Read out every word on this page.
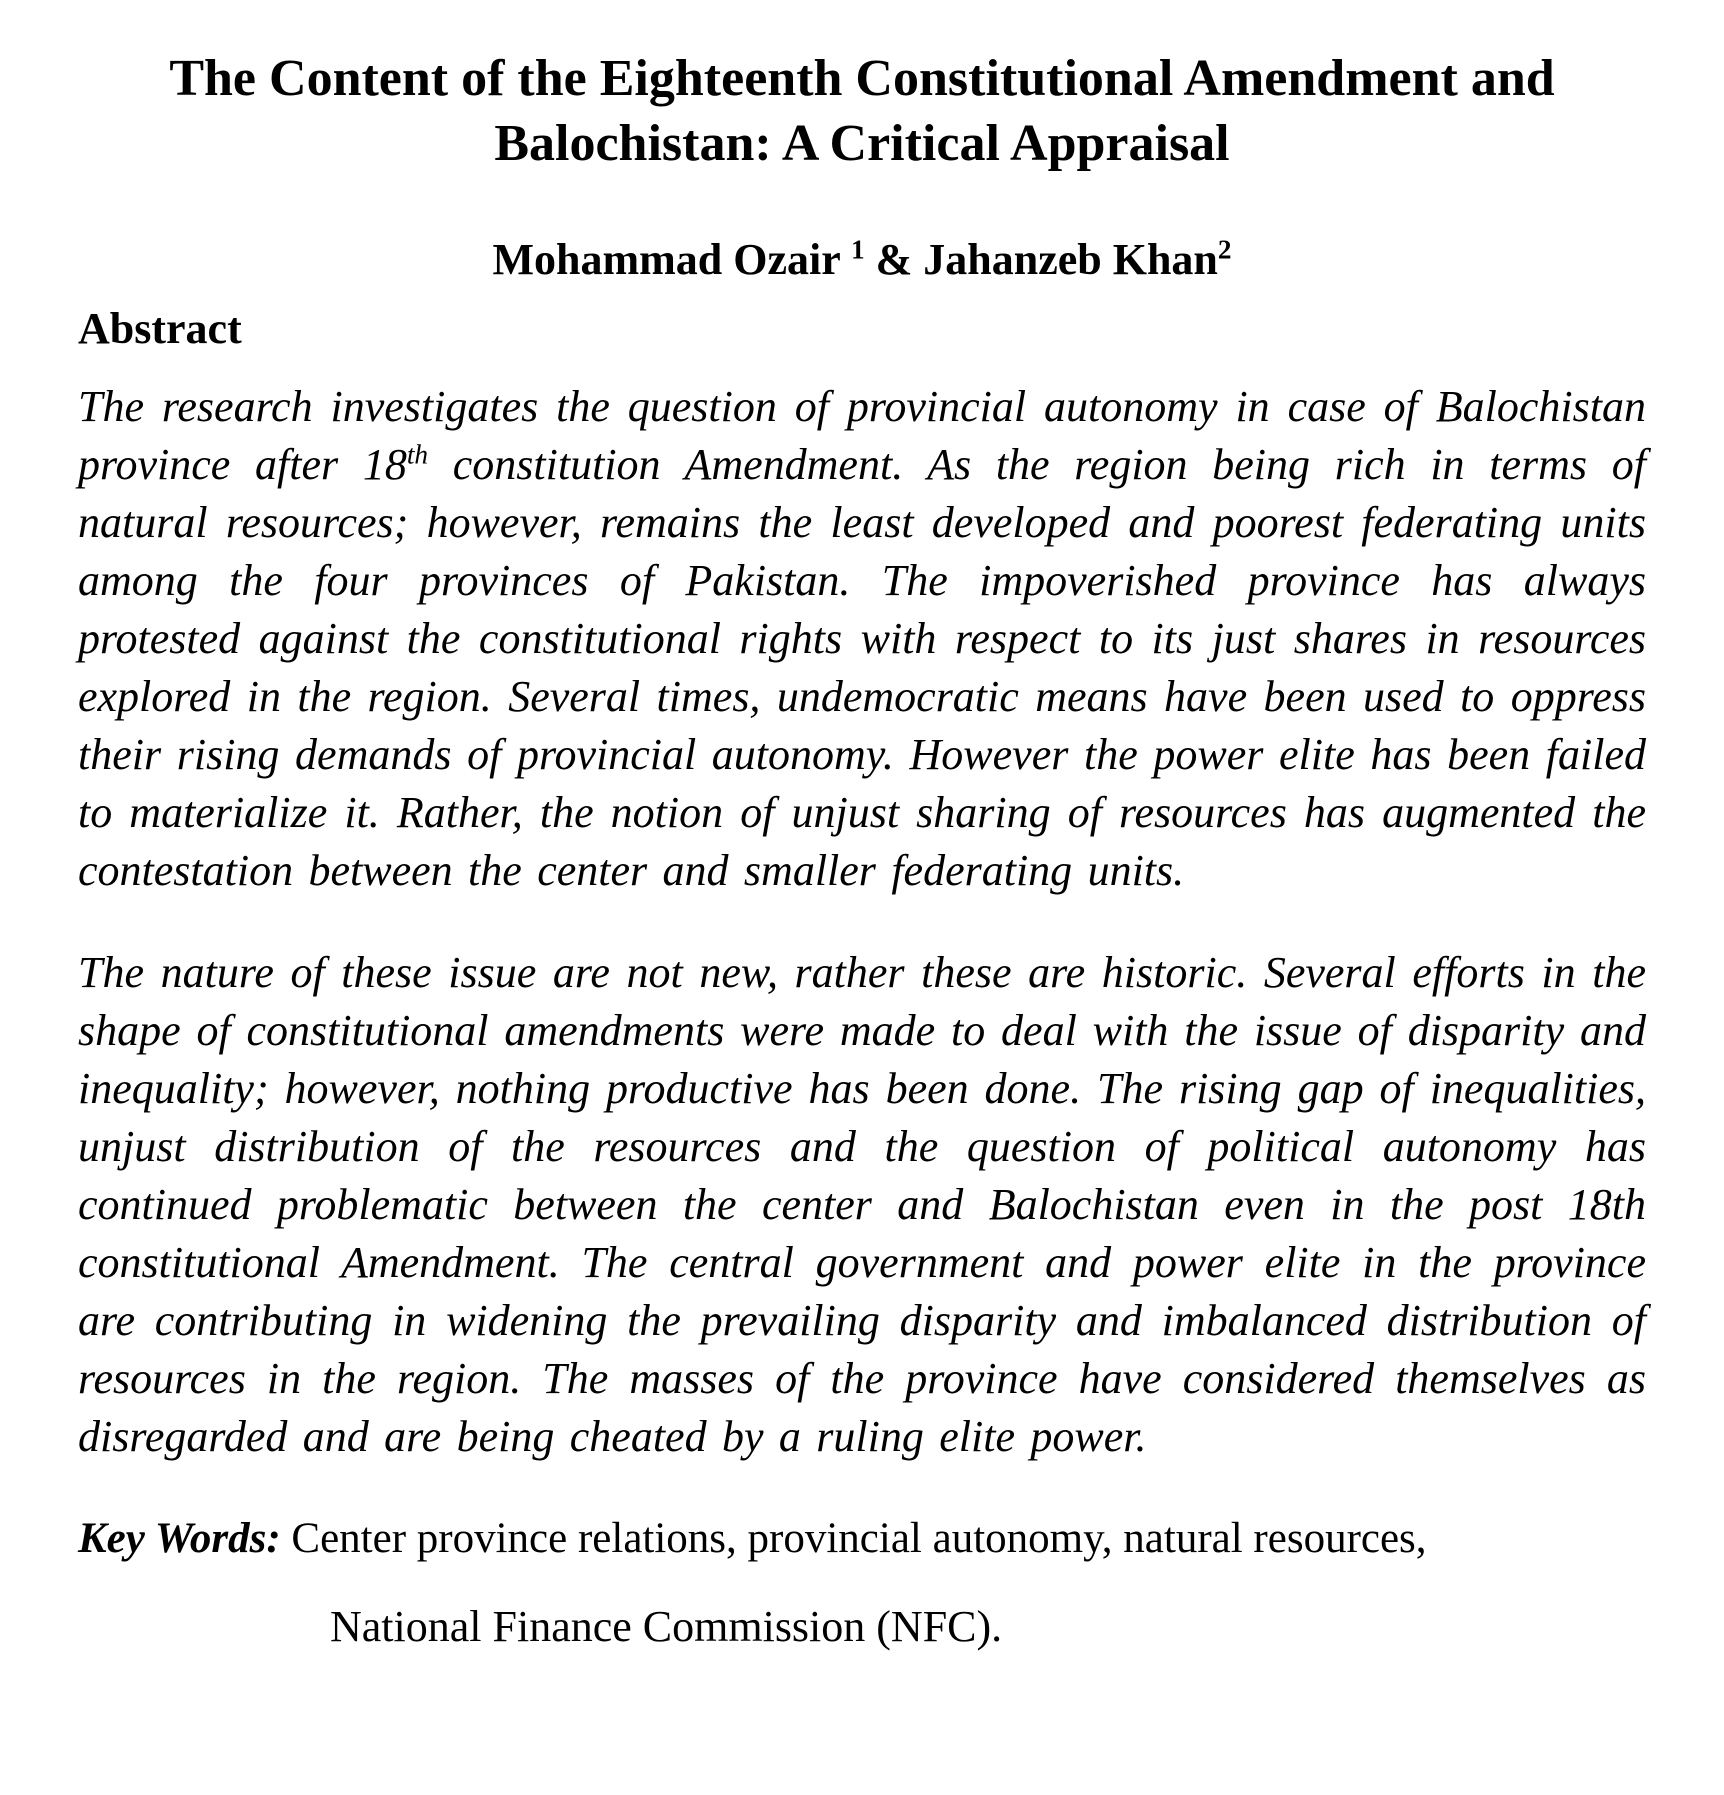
The Content of the Eighteenth Constitutional Amendment and Balochistan: A Critical Appraisal
Mohammad Ozair $^1$ & Jahanzeb Khan$^2$
Abstract

The research investigates the question of provincial autonomy in case of Balochistan province after 18th constitution Amendment. As the region being rich in terms of natural resources; however, remains the least developed and poorest federating units among the four provinces of Pakistan. The impoverished province has always protested against the constitutional rights with respect to its just shares in resources explored in the region. Several times, undemocratic means have been used to oppress their rising demands of provincial autonomy. However the power elite has been failed to materialize it. Rather, the notion of unjust sharing of resources has augmented the contestation between the center and smaller federating units.

The nature of these issue are not new, rather these are historic. Several efforts in the shape of constitutional amendments were made to deal with the issue of disparity and inequality; however, nothing productive has been done. The rising gap of inequalities, unjust distribution of the resources and the question of political autonomy has continued problematic between the center and Balochistan even in the post 18th constitutional Amendment. The central government and power elite in the province are contributing in widening the prevailing disparity and imbalanced distribution of resources in the region. The masses of the province have considered themselves as disregarded and are being cheated by a ruling elite power.

Key Words: Center province relations, provincial autonomy, natural resources,
National Finance Commission (NFC).
